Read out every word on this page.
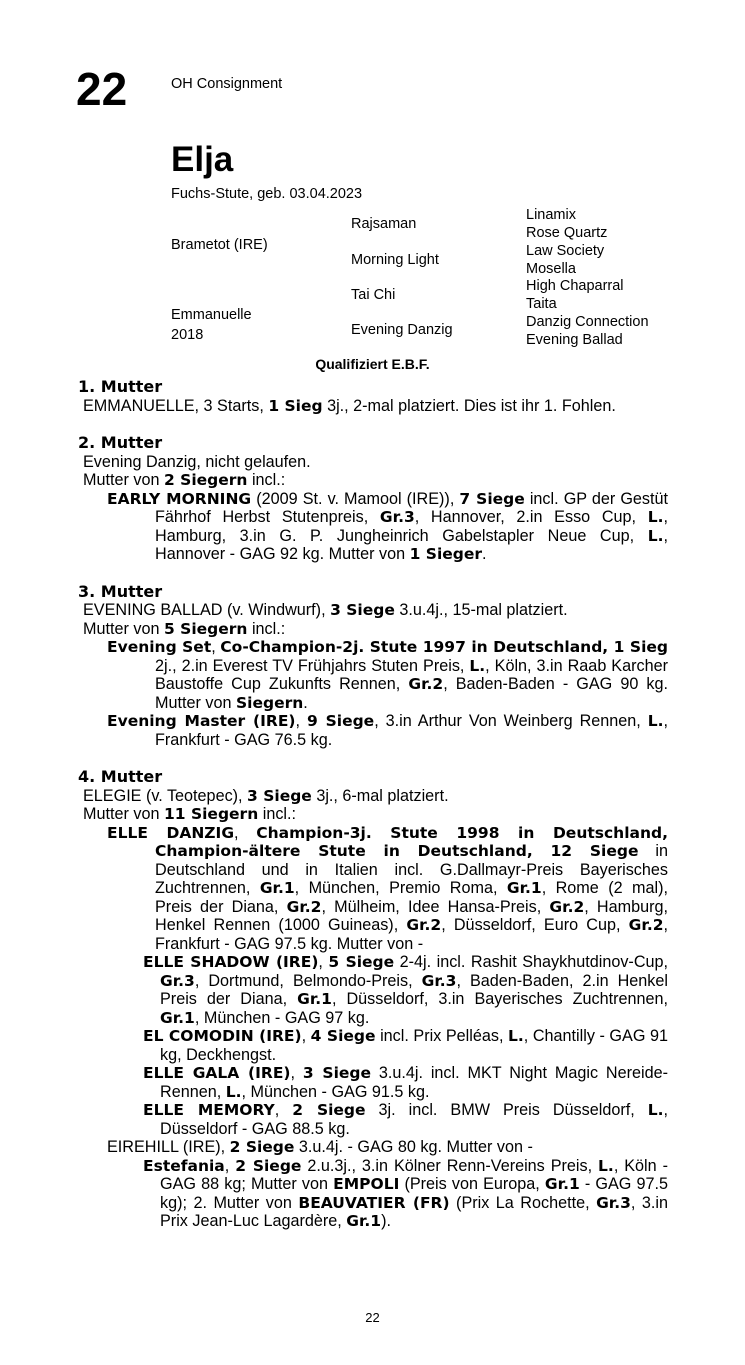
22	OH Consignment
Elja
Fuchs-Stute, geb. 03.04.2023
Brametot (IRE)
Emmanuelle
2018
Rajsaman
Morning Light
Tai Chi
Evening Danzig
Linamix
Rose Quartz
Law Society
Mosella
High Chaparral
Taita
Danzig Connection
Evening Ballad
Qualifiziert E.B.F.
1. Mutter
EMMANUELLE, 3 Starts, 1 Sieg 3j., 2-mal platziert. Dies ist ihr 1. Fohlen.
2. Mutter
Evening Danzig, nicht gelaufen.
Mutter von 2 Siegern incl.:
EARLY MORNING (2009 St. v. Mamool (IRE)), 7 Siege incl. GP der Gestüt Fährhof Herbst Stutenpreis, Gr.3, Hannover, 2.in Esso Cup, L., Hamburg, 3.in G. P. Jungheinrich Gabelstapler Neue Cup, L., Hannover - GAG 92 kg. Mutter von 1 Sieger.
3. Mutter
EVENING BALLAD (v. Windwurf), 3 Siege 3.u.4j., 15-mal platziert.
Mutter von 5 Siegern incl.:
Evening Set, Co-Champion-2j. Stute 1997 in Deutschland, 1 Sieg 2j., 2.in Everest TV Frühjahrs Stuten Preis, L., Köln, 3.in Raab Karcher Baustoffe Cup Zukunfts Rennen, Gr.2, Baden-Baden - GAG 90 kg. Mutter von Siegern.
Evening Master (IRE), 9 Siege, 3.in Arthur Von Weinberg Rennen, L., Frankfurt - GAG 76.5 kg.
4. Mutter
ELEGIE (v. Teotepec), 3 Siege 3j., 6-mal platziert.
Mutter von 11 Siegern incl.:
ELLE DANZIG, Champion-3j. Stute 1998 in Deutschland, Champion-ältere Stute in Deutschland, 12 Siege in Deutschland und in Italien incl. G.Dallmayr-Preis Bayerisches Zuchtrennen, Gr.1, München, Premio Roma, Gr.1, Rome (2 mal), Preis der Diana, Gr.2, Mülheim, Idee Hansa-Preis, Gr.2, Hamburg, Henkel Rennen (1000 Guineas), Gr.2, Düsseldorf, Euro Cup, Gr.2, Frankfurt - GAG 97.5 kg. Mutter von -
ELLE SHADOW (IRE), 5 Siege 2-4j. incl. Rashit Shaykhutdinov-Cup, Gr.3, Dortmund, Belmondo-Preis, Gr.3, Baden-Baden, 2.in Henkel Preis der Diana, Gr.1, Düsseldorf, 3.in Bayerisches Zuchtrennen, Gr.1, München - GAG 97 kg.
EL COMODIN (IRE), 4 Siege incl. Prix Pelléas, L., Chantilly - GAG 91 kg, Deckhengst.
ELLE GALA (IRE), 3 Siege 3.u.4j. incl. MKT Night Magic Nereide-Rennen, L., München - GAG 91.5 kg.
ELLE MEMORY, 2 Siege 3j. incl. BMW Preis Düsseldorf, L., Düsseldorf - GAG 88.5 kg.
EIREHILL (IRE), 2 Siege 3.u.4j. - GAG 80 kg. Mutter von -
Estefania, 2 Siege 2.u.3j., 3.in Kölner Renn-Vereins Preis, L., Köln - GAG 88 kg; Mutter von EMPOLI (Preis von Europa, Gr.1 - GAG 97.5 kg); 2. Mutter von BEAUVATIER (FR) (Prix La Rochette, Gr.3, 3.in Prix Jean-Luc Lagardère, Gr.1).
22
